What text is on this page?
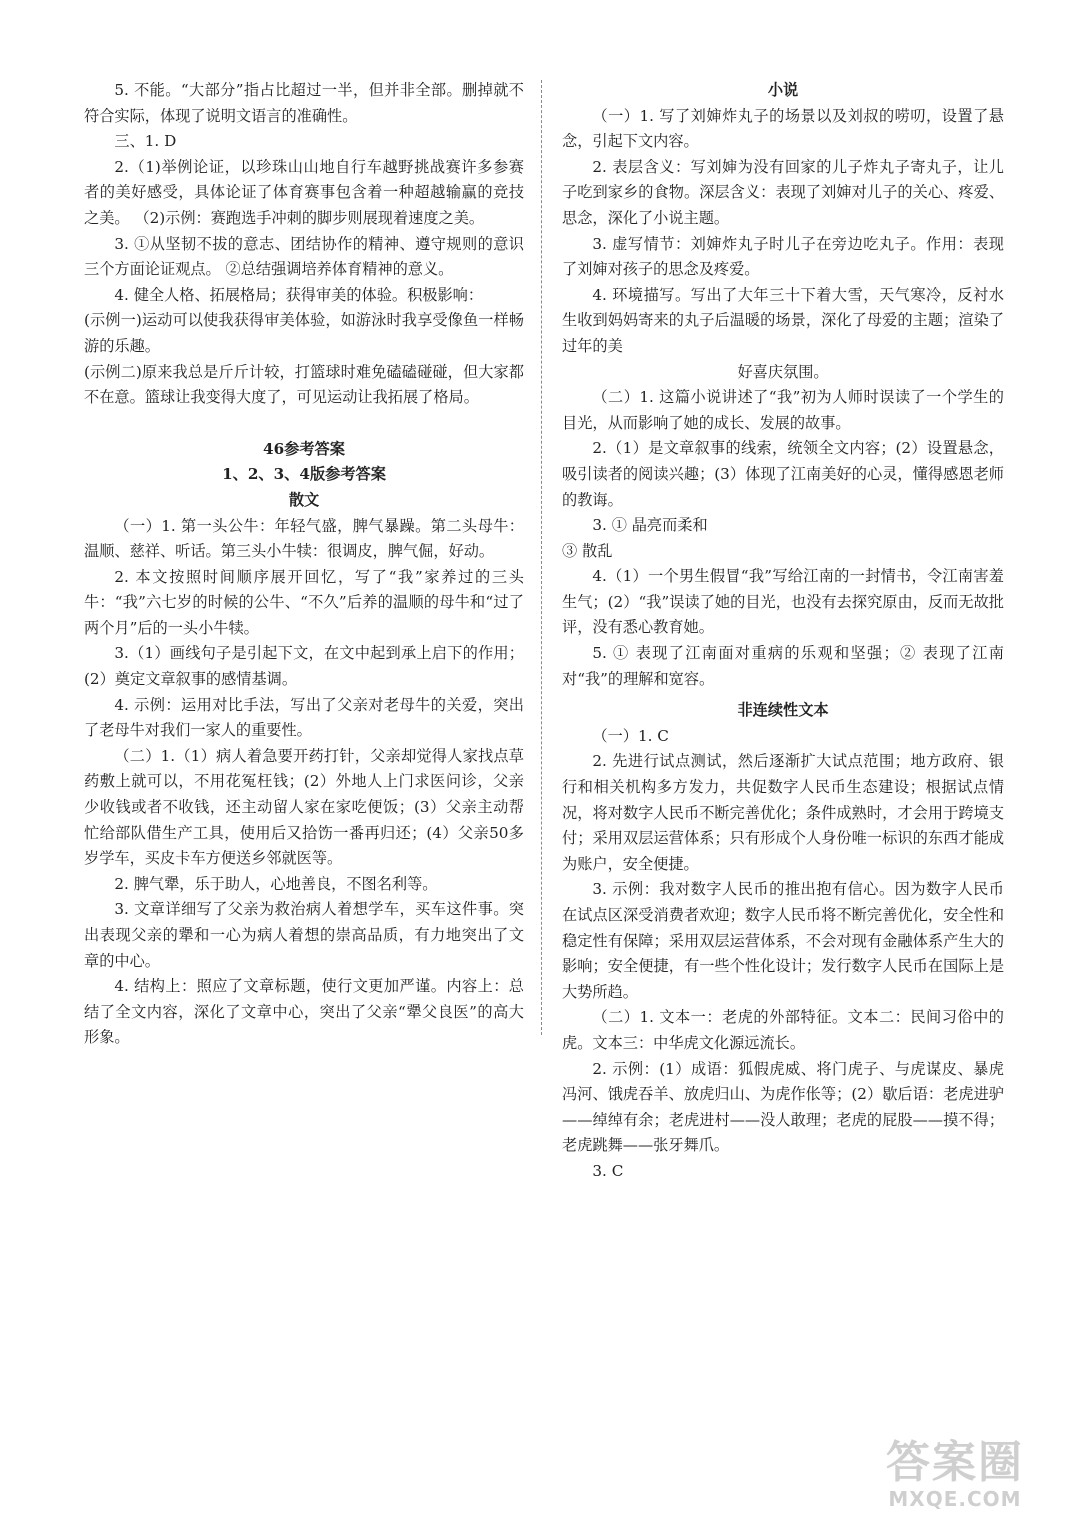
5. 不能。“大部分”指占比超过一半，但并非全部。删掉就不符合实际，体现了说明文语言的准确性。

三、1. D

2.（1)举例论证，以珍珠山山地自行车越野挑战赛许多参赛者的美好感受，具体论证了体育赛事包含着一种超越输赢的竞技之美。 （2)示例：赛跑选手冲刺的脚步则展现着速度之美。

3. ①从坚韧不拔的意志、团结协作的精神、遵守规则的意识三个方面论证观点。 ②总结强调培养体育精神的意义。

4. 健全人格、拓展格局；获得审美的体验。积极影响：

(示例一)运动可以使我获得审美体验，如游泳时我享受像鱼一样畅游的乐趣。

(示例二)原来我总是斤斤计较，打篮球时难免磕磕碰碰，但大家都不在意。篮球让我变得大度了，可见运动让我拓展了格局。

46参考答案
1、2、3、4版参考答案
散文

（一）1. 第一头公牛：年轻气盛，脾气暴躁。第二头母牛：温顺、慈祥、听话。第三头小牛犊：很调皮，脾气倔，好动。

2. 本文按照时间顺序展开回忆，写了“我”家养过的三头牛：“我”六七岁的时候的公牛、“不久”后养的温顺的母牛和“过了两个月”后的一头小牛犊。

3.（1）画线句子是引起下文，在文中起到承上启下的作用；(2）奠定文章叙事的感情基调。

4. 示例：运用对比手法，写出了父亲对老母牛的关爱，突出了老母牛对我们一家人的重要性。

（二）1.（1）病人着急要开药打针，父亲却觉得人家找点草药敷上就可以，不用花冤枉钱；(2）外地人上门求医问诊，父亲少收钱或者不收钱，还主动留人家在家吃便饭；(3）父亲主动帮忙给部队借生产工具，使用后又拾饬一番再归还；(4）父亲50多岁学车，买皮卡车方便送乡邻就医等。

2. 脾气犟，乐于助人，心地善良，不图名利等。

3. 文章详细写了父亲为救治病人着想学车，买车这件事。突出表现父亲的犟和一心为病人着想的崇高品质，有力地突出了文章的中心。

4. 结构上：照应了文章标题，使行文更加严谨。内容上：总结了全文内容，深化了文章中心，突出了父亲“犟父良医”的高大形象。

小说

（一）1. 写了刘婶炸丸子的场景以及刘叔的唠叨，设置了悬念，引起下文内容。

2. 表层含义：写刘婶为没有回家的儿子炸丸子寄丸子，让儿子吃到家乡的食物。深层含义：表现了刘婶对儿子的关心、疼爱、思念，深化了小说主题。

3. 虚写情节：刘婶炸丸子时儿子在旁边吃丸子。作用：表现了刘婶对孩子的思念及疼爱。

4. 环境描写。写出了大年三十下着大雪，天气寒冷，反衬水生收到妈妈寄来的丸子后温暖的场景，深化了母爱的主题；渲染了过年的美

好喜庆氛围。

（二）1. 这篇小说讲述了“我”初为人师时误读了一个学生的目光，从而影响了她的成长、发展的故事。

2.（1）是文章叙事的线索，统领全文内容；(2）设置悬念，吸引读者的阅读兴趣；(3）体现了江南美好的心灵，懂得感恩老师的教诲。

3. ① 晶亮而柔和

③ 散乱

4.（1）一个男生假冒“我”写给江南的一封情书，令江南害羞生气；(2）“我”误读了她的目光，也没有去探究原由，反而无故批评，没有悉心教育她。

5. ① 表现了江南面对重病的乐观和坚强；② 表现了江南对“我”的理解和宽容。

非连续性文本

（一）1. C

2. 先进行试点测试，然后逐渐扩大试点范围；地方政府、银行和相关机构多方发力，共促数字人民币生态建设；根据试点情况，将对数字人民币不断完善优化；条件成熟时，才会用于跨境支付；采用双层运营体系；只有形成个人身份唯一标识的东西才能成为账户，安全便捷。

3. 示例：我对数字人民币的推出抱有信心。因为数字人民币在试点区深受消费者欢迎；数字人民币将不断完善优化，安全性和稳定性有保障；采用双层运营体系，不会对现有金融体系产生大的影响；安全便捷，有一些个性化设计；发行数字人民币在国际上是大势所趋。

（二）1. 文本一：老虎的外部特征。文本二：民间习俗中的虎。文本三：中华虎文化源远流长。

2. 示例：(1）成语：狐假虎威、将门虎子、与虎谋皮、暴虎冯河、饿虎吞羊、放虎归山、为虎作伥等；(2）歇后语：老虎进驴——绰绰有余；老虎进村——没人敢理；老虎的屁股——摸不得；老虎跳舞——张牙舞爪。

3. C

答案圈
MXQE.COM
